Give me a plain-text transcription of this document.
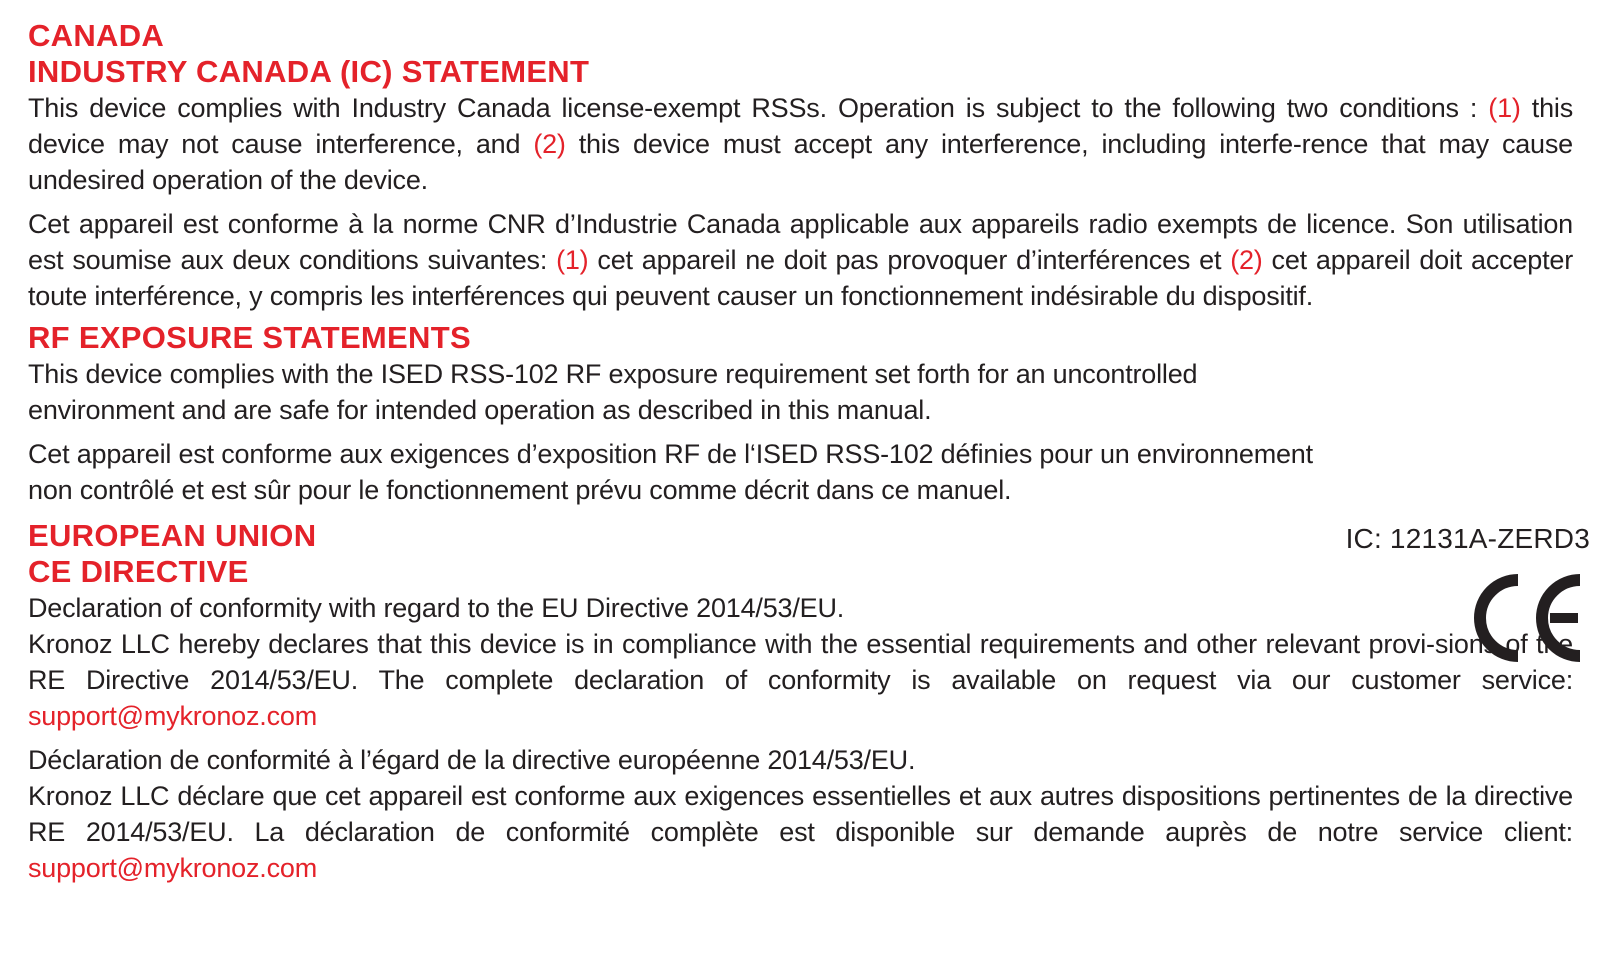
CANADA
INDUSTRY CANADA (IC) STATEMENT

This device complies with Industry Canada license-exempt RSSs. Operation is subject to the following two conditions : (1) this device may not cause interference, and (2) this device must accept any interference, including interfe-rence that may cause undesired operation of the device.

Cet appareil est conforme à la norme CNR d’Industrie Canada applicable aux appareils radio exempts de licence. Son utilisation est soumise aux deux conditions suivantes: (1) cet appareil ne doit pas provoquer d’interférences et (2) cet appareil doit accepter toute interférence, y compris les interférences qui peuvent causer un fonctionnement indésirable du dispositif.

RF EXPOSURE STATEMENTS

This device complies with the ISED RSS-102 RF exposure requirement set forth for an uncontrolled
environment and are safe for intended operation as described in this manual.

Cet appareil est conforme aux exigences d’exposition RF de l‘ISED RSS-102 définies pour un environnement
non contrôlé et est sûr pour le fonctionnement prévu comme décrit dans ce manuel.

EUROPEAN UNION
CE DIRECTIVE

Declaration of conformity with regard to the EU Directive 2014/53/EU.

Kronoz LLC hereby declares that this device is in compliance with the essential requirements and other relevant provi-sions of the RE Directive 2014/53/EU. The complete declaration of conformity is available on request via our customer service: support@mykronoz.com

Déclaration de conformité à l’égard de la directive européenne 2014/53/EU.

Kronoz LLC déclare que cet appareil est conforme aux exigences essentielles et aux autres dispositions pertinentes de la directive RE 2014/53/EU. La déclaration de conformité complète est disponible sur demande auprès de notre service client: support@mykronoz.com

IC: 12131A-ZERD3
